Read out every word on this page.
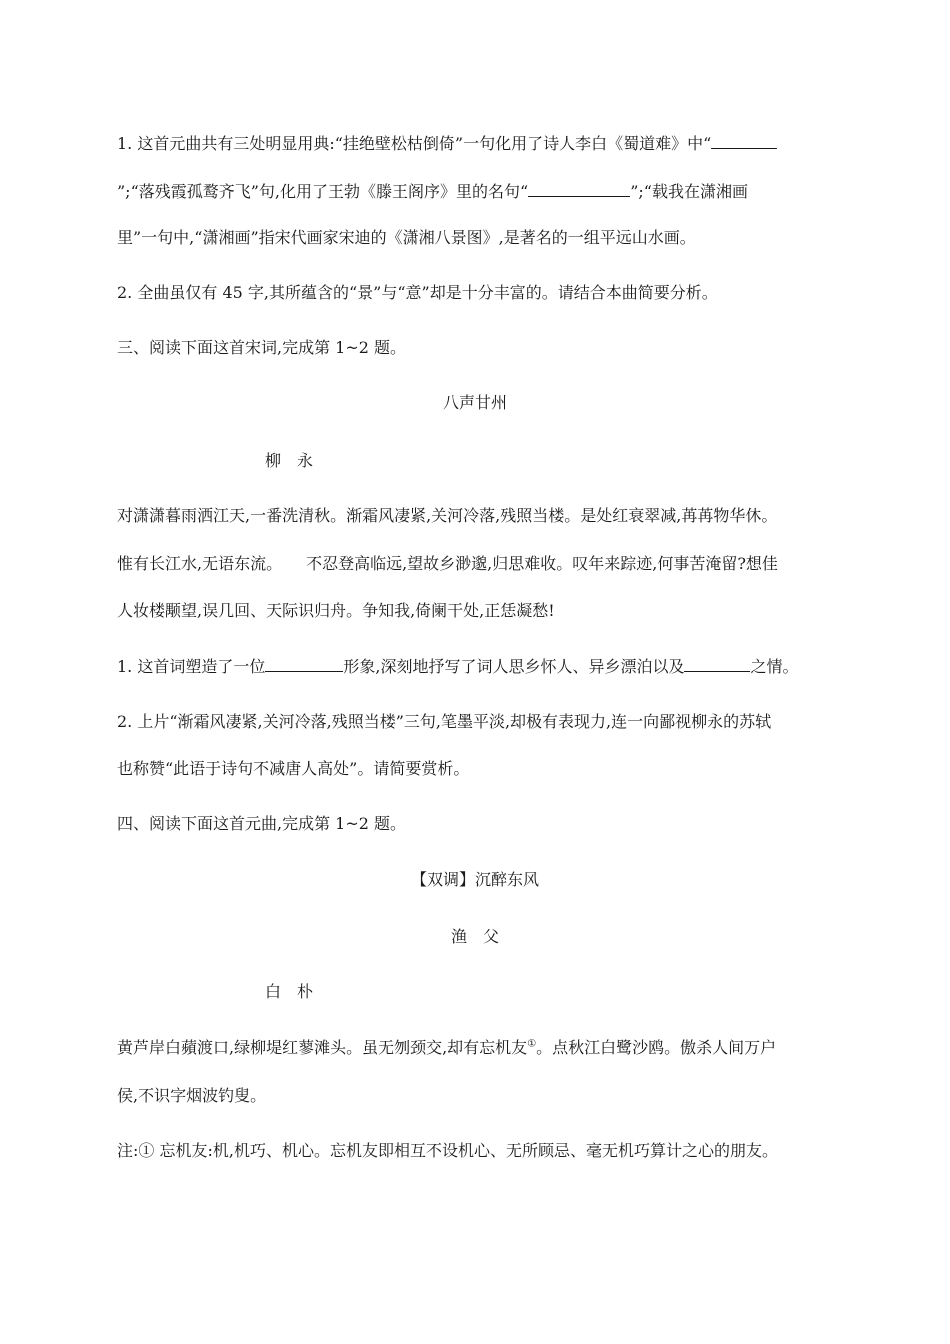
1. 这首元曲共有三处明显用典:“挂绝壁松枯倒倚”一句化用了诗人李白《蜀道难》中“
”;“落残霞孤鹜齐飞”句,化用了王勃《滕王阁序》里的名句“	”;“载我在潇湘画
里”一句中,“潇湘画”指宋代画家宋迪的《潇湘八景图》,是著名的一组平远山水画。
2. 全曲虽仅有 45 字,其所蕴含的“景”与“意”却是十分丰富的。请结合本曲简要分析。
三、阅读下面这首宋词,完成第 1~2 题。
八声甘州
柳　永
对潇潇暮雨洒江天,一番洗清秋。渐霜风凄紧,关河冷落,残照当楼。是处红衰翠减,苒苒物华休。
惟有长江水,无语东流。　　不忍登高临远,望故乡渺邈,归思难收。叹年来踪迹,何事苦淹留?想佳
人妆楼颙望,误几回、天际识归舟。争知我,倚阑干处,正恁凝愁!
1. 这首词塑造了一位	形象,深刻地抒写了词人思乡怀人、异乡漂泊以及	之情。
2. 上片“渐霜风凄紧,关河冷落,残照当楼”三句,笔墨平淡,却极有表现力,连一向鄙视柳永的苏轼
也称赞“此语于诗句不减唐人高处”。请简要赏析。
四、阅读下面这首元曲,完成第 1~2 题。
【双调】沉醉东风
渔　父
白　朴
黄芦岸白蘋渡口,绿柳堤红蓼滩头。虽无刎颈交,却有忘机友①。点秋江白鹭沙鸥。傲杀人间万户
侯,不识字烟波钓叟。
注:① 忘机友:机,机巧、机心。忘机友即相互不设机心、无所顾忌、毫无机巧算计之心的朋友。
